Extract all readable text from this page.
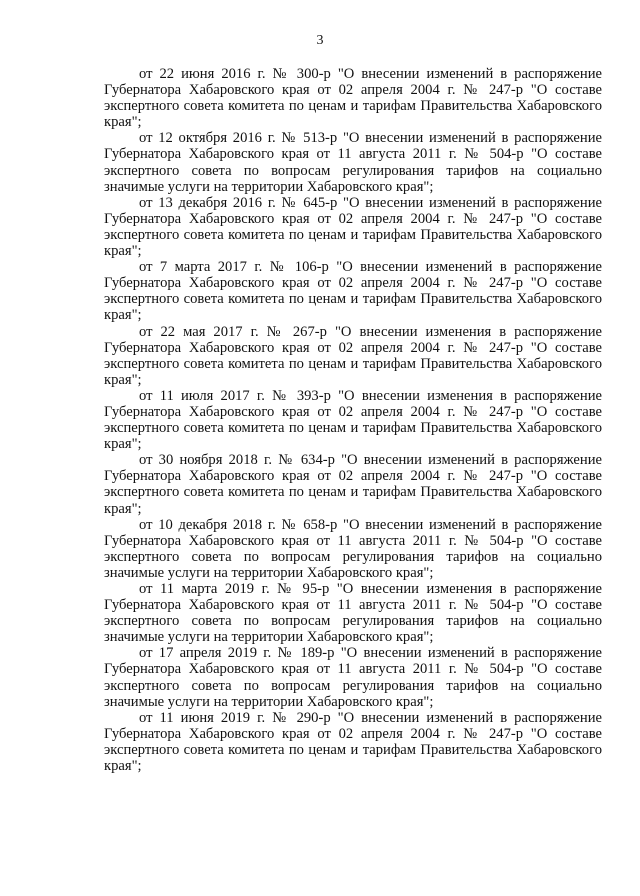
3

от 22 июня 2016 г. № 300-р "О внесении изменений в распоряжение Губернатора Хабаровского края от 02 апреля 2004 г. № 247-р "О составе экспертного совета комитета по ценам и тарифам Правительства Хабаровского края";

от 12 октября 2016 г. № 513-р "О внесении изменений в распоряжение Губернатора Хабаровского края от 11 августа 2011 г. № 504-р "О составе экспертного совета по вопросам регулирования тарифов на социально значимые услуги на территории Хабаровского края";

от 13 декабря 2016 г. № 645-р "О внесении изменений в распоряжение Губернатора Хабаровского края от 02 апреля 2004 г. № 247-р "О составе экспертного совета комитета по ценам и тарифам Правительства Хабаровского края";

от 7 марта 2017 г. № 106-р "О внесении изменений в распоряжение Губернатора Хабаровского края от 02 апреля 2004 г. № 247-р "О составе экспертного совета комитета по ценам и тарифам Правительства Хабаровского края";

от 22 мая 2017 г. № 267-р "О внесении изменения в распоряжение Губернатора Хабаровского края от 02 апреля 2004 г. № 247-р "О составе экспертного совета комитета по ценам и тарифам Правительства Хабаровского края";

от 11 июля 2017 г. № 393-р "О внесении изменения в распоряжение Губернатора Хабаровского края от 02 апреля 2004 г. № 247-р "О составе экспертного совета комитета по ценам и тарифам Правительства Хабаровского края";

от 30 ноября 2018 г. № 634-р "О внесении изменений в распоряжение Губернатора Хабаровского края от 02 апреля 2004 г. № 247-р "О составе экспертного совета комитета по ценам и тарифам Правительства Хабаровского края";

от 10 декабря 2018 г. № 658-р "О внесении изменений в распоряжение Губернатора Хабаровского края от 11 августа 2011 г. № 504-р "О составе экспертного совета по вопросам регулирования тарифов на социально значимые услуги на территории Хабаровского края";

от 11 марта 2019 г. № 95-р "О внесении изменения в распоряжение Губернатора Хабаровского края от 11 августа 2011 г. № 504-р "О составе экспертного совета по вопросам регулирования тарифов на социально значимые услуги на территории Хабаровского края";

от 17 апреля 2019 г. № 189-р "О внесении изменений в распоряжение Губернатора Хабаровского края от 11 августа 2011 г. № 504-р "О составе экспертного совета по вопросам регулирования тарифов на социально значимые услуги на территории Хабаровского края";

от 11 июня 2019 г. № 290-р "О внесении изменений в распоряжение Губернатора Хабаровского края от 02 апреля 2004 г. № 247-р "О составе экспертного совета комитета по ценам и тарифам Правительства Хабаровского края";
